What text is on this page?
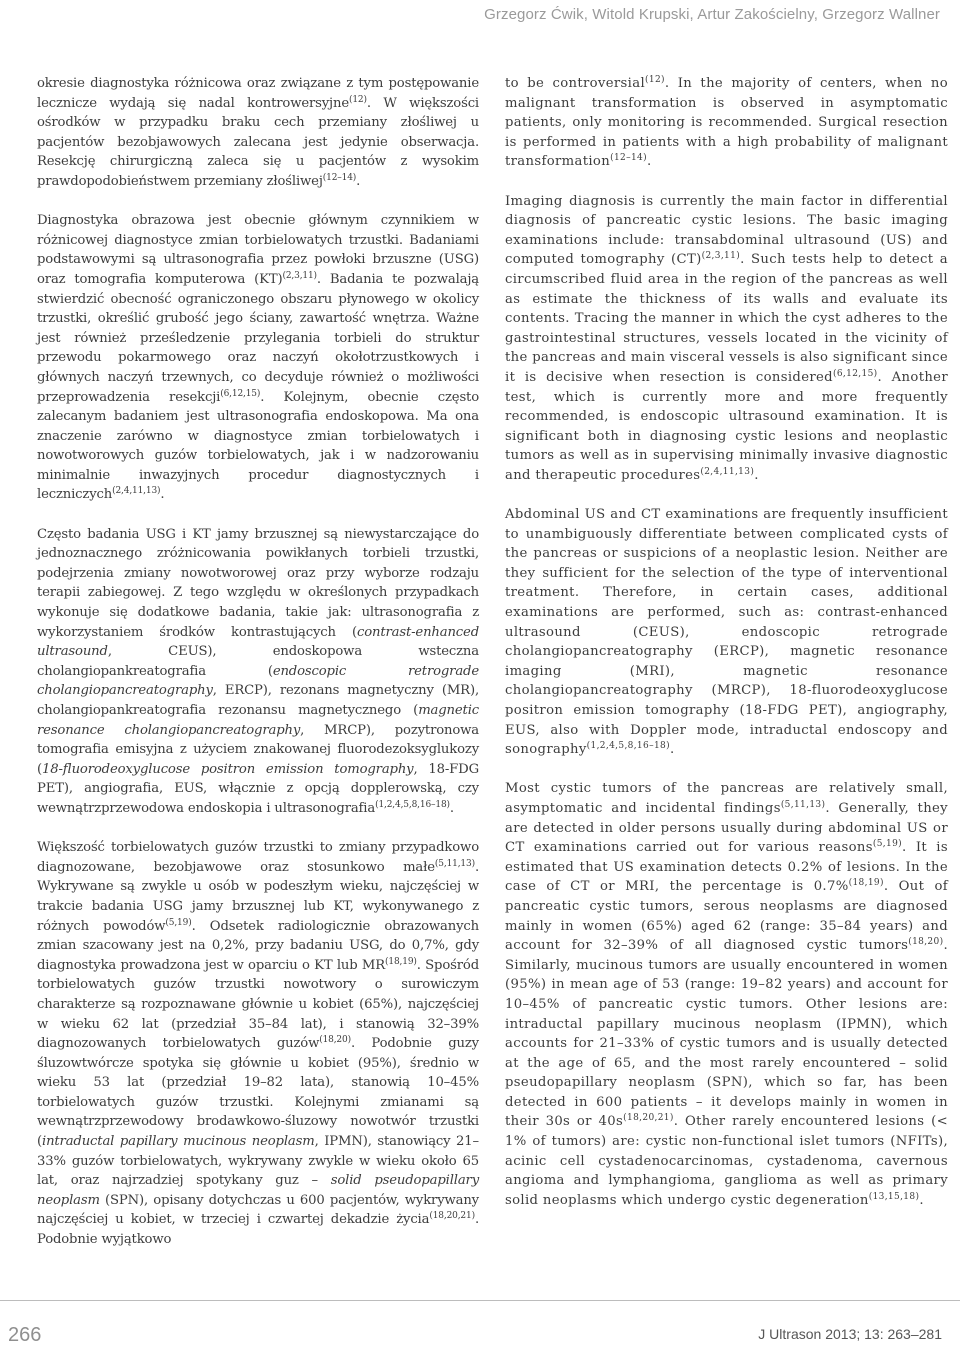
Grzegorz Ćwik, Witold Krupski, Artur Zakościelny, Grzegorz Wallner

okresie diagnostyka różnicowa oraz związane z tym postępowanie lecznicze wydają się nadal kontrowersyjne$^{(12)}$. W większości ośrodków w przypadku braku cech przemiany złośliwej u pacjentów bezobjawowych zalecana jest jedynie obserwacja. Resekcję chirurgiczną zaleca się u pacjentów z wysokim prawdopodobieństwem przemiany złośliwej$^{(12-14)}$.

Diagnostyka obrazowa jest obecnie głównym czynnikiem w różnicowej diagnostyce zmian torbielowatych trzustki. Badaniami podstawowymi są ultrasonografia przez powłoki brzuszne (USG) oraz tomografia komputerowa (KT)$^{(2,3,11)}$. Badania te pozwalają stwierdzić obecność ograniczonego obszaru płynowego w okolicy trzustki, określić grubość jego ściany, zawartość wnętrza. Ważne jest również prześledzenie przylegania torbieli do struktur przewodu pokarmowego oraz naczyń okołotrzustkowych i głównych naczyń trzewnych, co decyduje również o możliwości przeprowadzenia resekcji$^{(6,12,15)}$. Kolejnym, obecnie często zalecanym badaniem jest ultrasonografia endoskopowa. Ma ona znaczenie zarówno w diagnostyce zmian torbielowatych i nowotworowych guzów torbielowatych, jak i w nadzorowaniu minimalnie inwazyjnych procedur diagnostycznych i leczniczych$^{(2,4,11,13)}$.

Często badania USG i KT jamy brzusznej są niewystarczające do jednoznacznego zróżnicowania powikłanych torbieli trzustki, podejrzenia zmiany nowotworowej oraz przy wyborze rodzaju terapii zabiegowej. Z tego względu w określonych przypadkach wykonuje się dodatkowe badania, takie jak: ultrasonografia z wykorzystaniem środków kontrastujących (contrast-enhanced ultrasound, CEUS), endoskopowa wsteczna cholangiopankreatografia (endoscopic retrograde cholangiopancreatography, ERCP), rezonans magnetyczny (MR), cholangiopankreatografia rezonansu magnetycznego (magnetic resonance cholangiopancreatography, MRCP), pozytronowa tomografia emisyjna z użyciem znakowanej fluorodezoksyglukozy (18-fluorodeoxyglucose positron emission tomography, 18-FDG PET), angiografia, EUS, włącznie z opcją dopplerowską, czy wewnątrzprzewodowa endoskopia i ultrasonografia$^{(1,2,4,5,8,16-18)}$.

Większość torbielowatych guzów trzustki to zmiany przypadkowo diagnozowane, bezobjawowe oraz stosunkowo małe$^{(5,11,13)}$. Wykrywane są zwykle u osób w podeszłym wieku, najczęściej w trakcie badania USG jamy brzusznej lub KT, wykonywanego z różnych powodów$^{(5,19)}$. Odsetek radiologicznie obrazowanych zmian szacowany jest na 0,2%, przy badaniu USG, do 0,7%, gdy diagnostyka prowadzona jest w oparciu o KT lub MR$^{(18,19)}$. Spośród torbielowatych guzów trzustki nowotwory o surowiczym charakterze są rozpoznawane głównie u kobiet (65%), najczęściej w wieku 62 lat (przedział 35–84 lat), i stanowią 32–39% diagnozowanych torbielowatych guzów$^{(18,20)}$. Podobnie guzy śluzowtwórcze spotyka się głównie u kobiet (95%), średnio w wieku 53 lat (przedział 19–82 lata), stanowią 10–45% torbielowatych guzów trzustki. Kolejnymi zmianami są wewnątrzprzewodowy brodawkowo-śluzowy nowotwór trzustki (intraductal papillary mucinous neoplasm, IPMN), stanowiący 21–33% guzów torbielowatych, wykrywany zwykle w wieku około 65 lat, oraz najrzadziej spotykany guz – solid pseudopapillary neoplasm (SPN), opisany dotychczas u 600 pacjentów, wykrywany najczęściej u kobiet, w trzeciej i czwartej dekadzie życia$^{(18,20,21)}$. Podobnie wyjątkowo

to be controversial$^{(12)}$. In the majority of centers, when no malignant transformation is observed in asymptomatic patients, only monitoring is recommended. Surgical resection is performed in patients with a high probability of malignant transformation$^{(12-14)}$.

Imaging diagnosis is currently the main factor in differential diagnosis of pancreatic cystic lesions. The basic imaging examinations include: transabdominal ultrasound (US) and computed tomography (CT)$^{(2,3,11)}$. Such tests help to detect a circumscribed fluid area in the region of the pancreas as well as estimate the thickness of its walls and evaluate its contents. Tracing the manner in which the cyst adheres to the gastrointestinal structures, vessels located in the vicinity of the pancreas and main visceral vessels is also significant since it is decisive when resection is considered$^{(6,12,15)}$. Another test, which is currently more and more frequently recommended, is endoscopic ultrasound examination. It is significant both in diagnosing cystic lesions and neoplastic tumors as well as in supervising minimally invasive diagnostic and therapeutic procedures$^{(2,4,11,13)}$.

Abdominal US and CT examinations are frequently insufficient to unambiguously differentiate between complicated cysts of the pancreas or suspicions of a neoplastic lesion. Neither are they sufficient for the selection of the type of interventional treatment. Therefore, in certain cases, additional examinations are performed, such as: contrast-enhanced ultrasound (CEUS), endoscopic retrograde cholangiopancreatography (ERCP), magnetic resonance imaging (MRI), magnetic resonance cholangiopancreatography (MRCP), 18-fluorodeoxyglucose positron emission tomography (18-FDG PET), angiography, EUS, also with Doppler mode, intraductal endoscopy and sonography$^{(1,2,4,5,8,16-18)}$.

Most cystic tumors of the pancreas are relatively small, asymptomatic and incidental findings$^{(5,11,13)}$. Generally, they are detected in older persons usually during abdominal US or CT examinations carried out for various reasons$^{(5,19)}$. It is estimated that US examination detects 0.2% of lesions. In the case of CT or MRI, the percentage is 0.7%$^{(18,19)}$. Out of pancreatic cystic tumors, serous neoplasms are diagnosed mainly in women (65%) aged 62 (range: 35–84 years) and account for 32–39% of all diagnosed cystic tumors$^{(18,20)}$. Similarly, mucinous tumors are usually encountered in women (95%) in mean age of 53 (range: 19–82 years) and account for 10–45% of pancreatic cystic tumors. Other lesions are: intraductal papillary mucinous neoplasm (IPMN), which accounts for 21–33% of cystic tumors and is usually detected at the age of 65, and the most rarely encountered – solid pseudopapillary neoplasm (SPN), which so far, has been detected in 600 patients – it develops mainly in women in their 30s or $40s^{(18,20,21)}$. Other rarely encountered lesions (< 1% of tumors) are: cystic non-functional islet tumors (NFITs), acinic cell cystadenocarcinomas, cystadenoma, cavernous angioma and lymphangioma, ganglioma as well as primary solid neoplasms which undergo cystic degeneration$^{(13,15,18)}$.

266	J Ultrason 2013; 13: 263–281
